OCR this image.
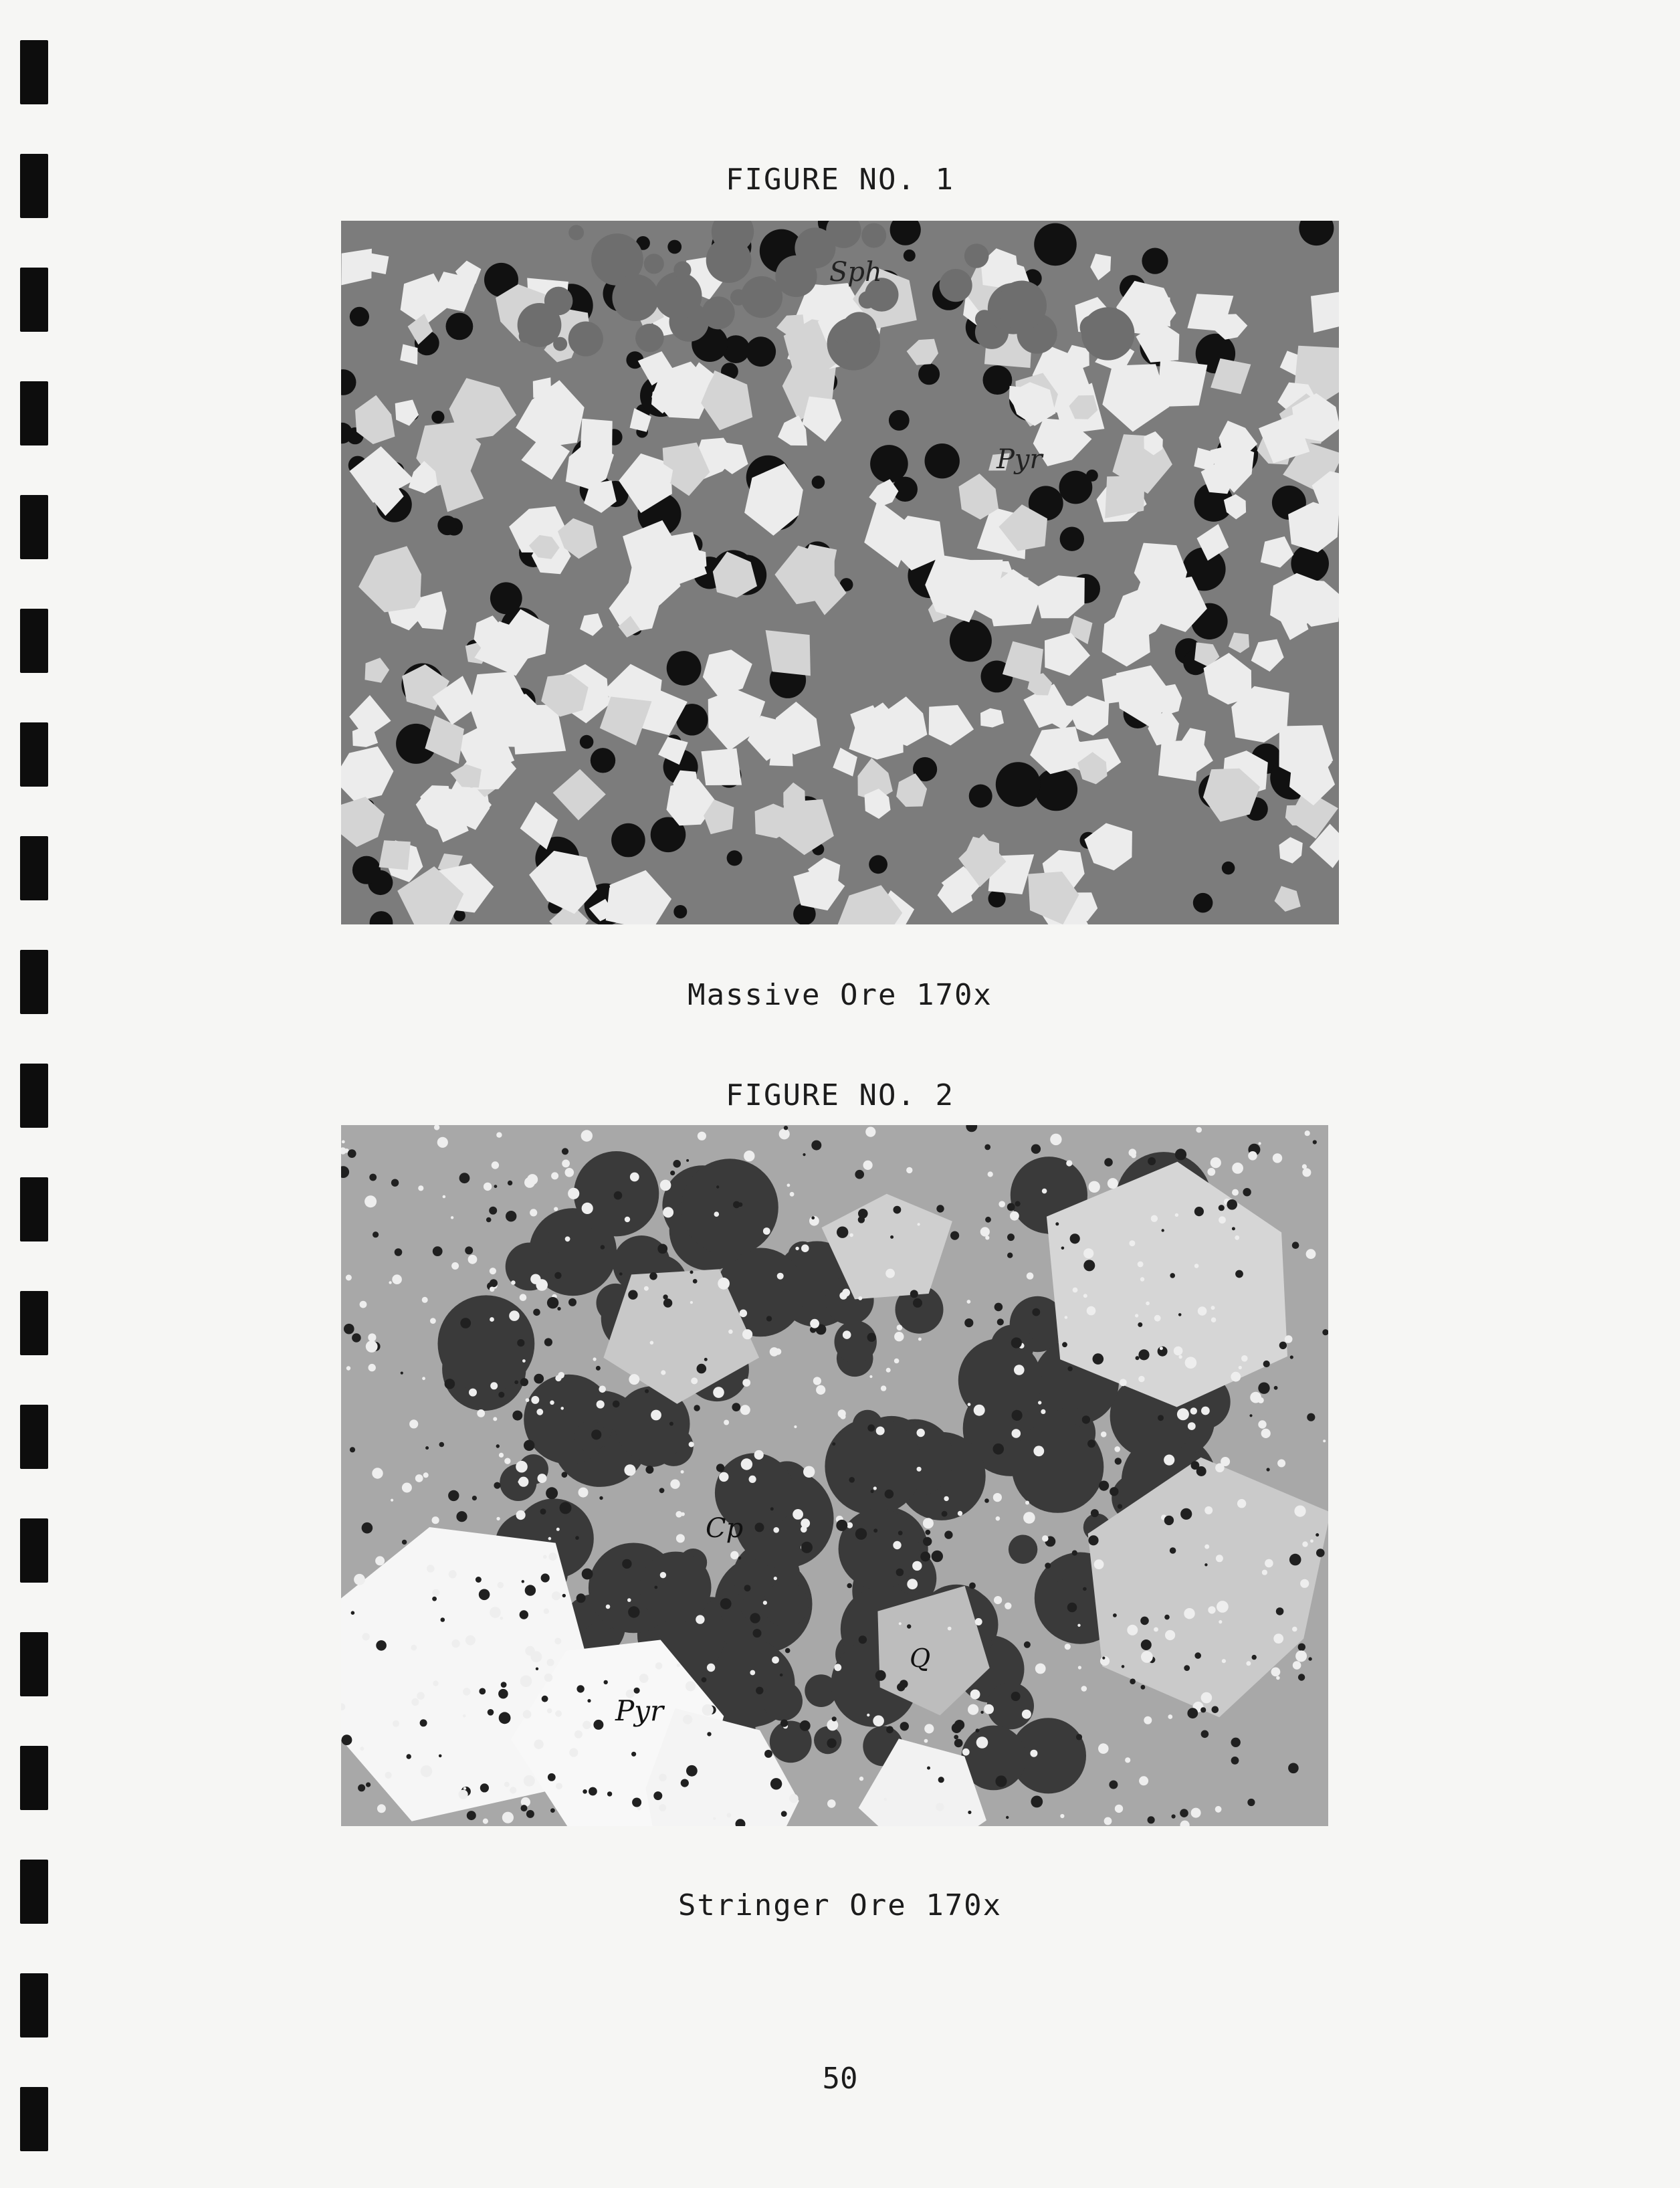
FIGURE NO. 1
Sph
Pyr
Massive Ore 170x
FIGURE NO. 2
Cp
Q
Pyr
Stringer Ore 170x
50
